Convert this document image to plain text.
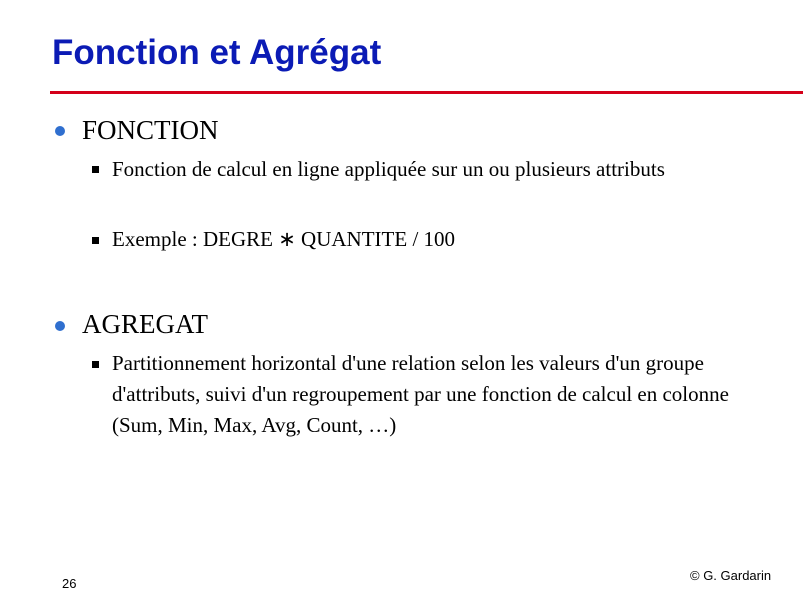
Fonction et Agrégat
FONCTION
Fonction de calcul en ligne appliquée sur un ou plusieurs attributs
Exemple : DEGRE ∗ QUANTITE / 100
AGREGAT
Partitionnement horizontal d'une relation selon les valeurs d'un groupe d'attributs, suivi d'un regroupement par une fonction de calcul en colonne (Sum, Min, Max, Avg, Count, …)
26
© G. Gardarin
